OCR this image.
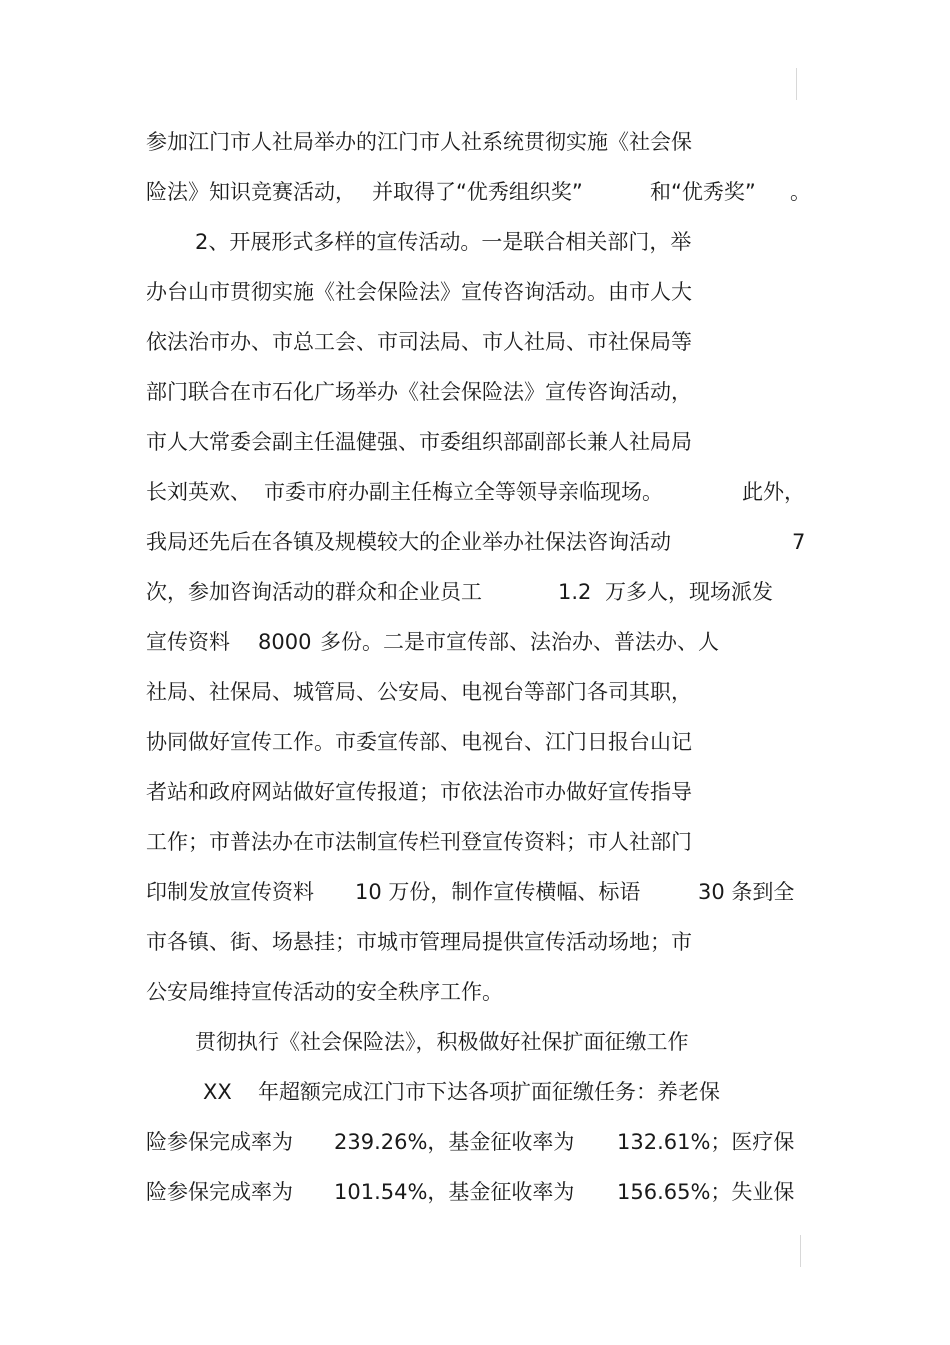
参加江门市人社局举办的江门市人社系统贯彻实施《社会保
险法》知识竞赛活动， 并取得了“优秀组织奖”	和“优秀奖” 。
2、开展形式多样的宣传活动。一是联合相关部门，举
办台山市贯彻实施《社会保险法》宣传咨询活动。由市人大
依法治市办、市总工会、市司法局、市人社局、市社保局等
部门联合在市石化广场举办《社会保险法》宣传咨询活动，
市人大常委会副主任温健强、市委组织部副部长兼人社局局
长刘英欢、 市委市府办副主任梅立全等领导亲临现场。	此外，
我局还先后在各镇及规模较大的企业举办社保法咨询活动	7
次，参加咨询活动的群众和企业员工	1.2 万多人，现场派发
宣传资料 8000 多份。二是市宣传部、法治办、普法办、人
社局、社保局、城管局、公安局、电视台等部门各司其职，
协同做好宣传工作。市委宣传部、电视台、江门日报台山记
者站和政府网站做好宣传报道；市依法治市办做好宣传指导
工作；市普法办在市法制宣传栏刊登宣传资料；市人社部门
印制发放宣传资料 10 万份，制作宣传横幅、标语	30 条到全
市各镇、街、场悬挂；市城市管理局提供宣传活动场地；市
公安局维持宣传活动的安全秩序工作。
贯彻执行《社会保险法》，积极做好社保扩面征缴工作
XX 年超额完成江门市下达各项扩面征缴任务：养老保
险参保完成率为 239.26%，基金征收率为 132.61%；医疗保
险参保完成率为 101.54%，基金征收率为 156.65%；失业保
